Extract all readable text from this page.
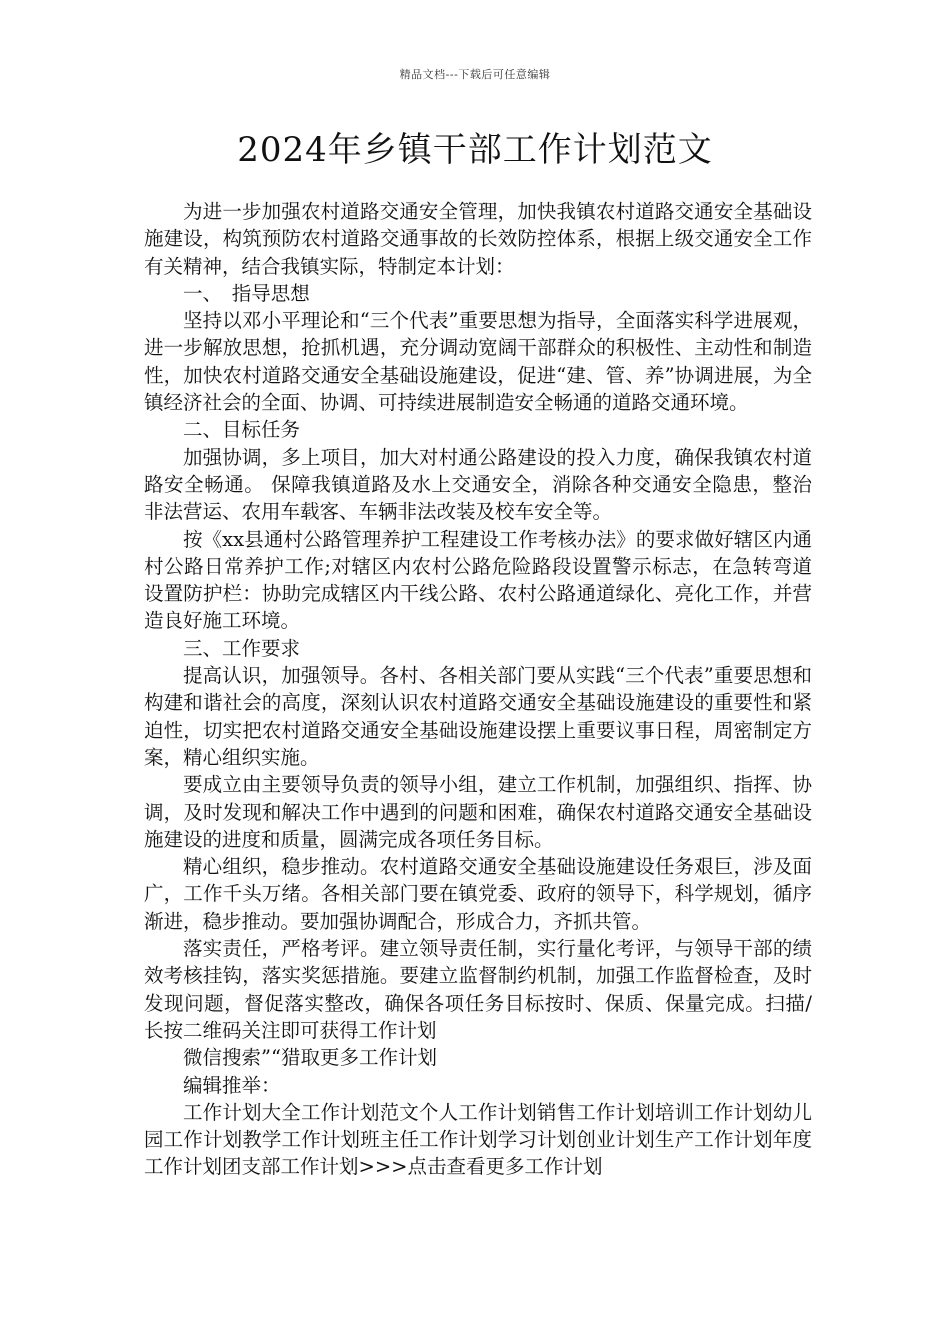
精品文档---下载后可任意编辑
2024年乡镇干部工作计划范文

为进一步加强农村道路交通安全管理，加快我镇农村道路交通安全基础设施建设，构筑预防农村道路交通事故的长效防控体系，根据上级交通安全工作有关精神，结合我镇实际，特制定本计划：

一、　指导思想

坚持以邓小平理论和“三个代表”重要思想为指导，全面落实科学进展观，进一步解放思想，抢抓机遇，充分调动宽阔干部群众的积极性、主动性和制造性，加快农村道路交通安全基础设施建设，促进“建、管、养”协调进展，为全镇经济社会的全面、协调、可持续进展制造安全畅通的道路交通环境。

二、目标任务

加强协调，多上项目，加大对村通公路建设的投入力度，确保我镇农村道路安全畅通。 保障我镇道路及水上交通安全，消除各种交通安全隐患，整治非法营运、农用车载客、车辆非法改装及校车安全等。

按《xx县通村公路管理养护工程建设工作考核办法》的要求做好辖区内通村公路日常养护工作;对辖区内农村公路危险路段设置警示标志，在急转弯道设置防护栏：协助完成辖区内干线公路、农村公路通道绿化、亮化工作，并营造良好施工环境。

三、工作要求

提高认识，加强领导。各村、各相关部门要从实践“三个代表”重要思想和构建和谐社会的高度，深刻认识农村道路交通安全基础设施建设的重要性和紧迫性，切实把农村道路交通安全基础设施建设摆上重要议事日程，周密制定方案，精心组织实施。

要成立由主要领导负责的领导小组，建立工作机制，加强组织、指挥、协调，及时发现和解决工作中遇到的问题和困难，确保农村道路交通安全基础设施建设的进度和质量，圆满完成各项任务目标。

精心组织，稳步推动。农村道路交通安全基础设施建设任务艰巨，涉及面广，工作千头万绪。各相关部门要在镇党委、政府的领导下，科学规划，循序渐进，稳步推动。要加强协调配合，形成合力，齐抓共管。

落实责任，严格考评。建立领导责任制，实行量化考评，与领导干部的绩效考核挂钩，落实奖惩措施。要建立监督制约机制，加强工作监督检查，及时发现问题，督促落实整改，确保各项任务目标按时、保质、保量完成。扫描/长按二维码关注即可获得工作计划

微信搜索”“猎取更多工作计划

编辑推举：

工作计划大全工作计划范文个人工作计划销售工作计划培训工作计划幼儿园工作计划教学工作计划班主任工作计划学习计划创业计划生产工作计划年度工作计划团支部工作计划>>>点击查看更多工作计划
